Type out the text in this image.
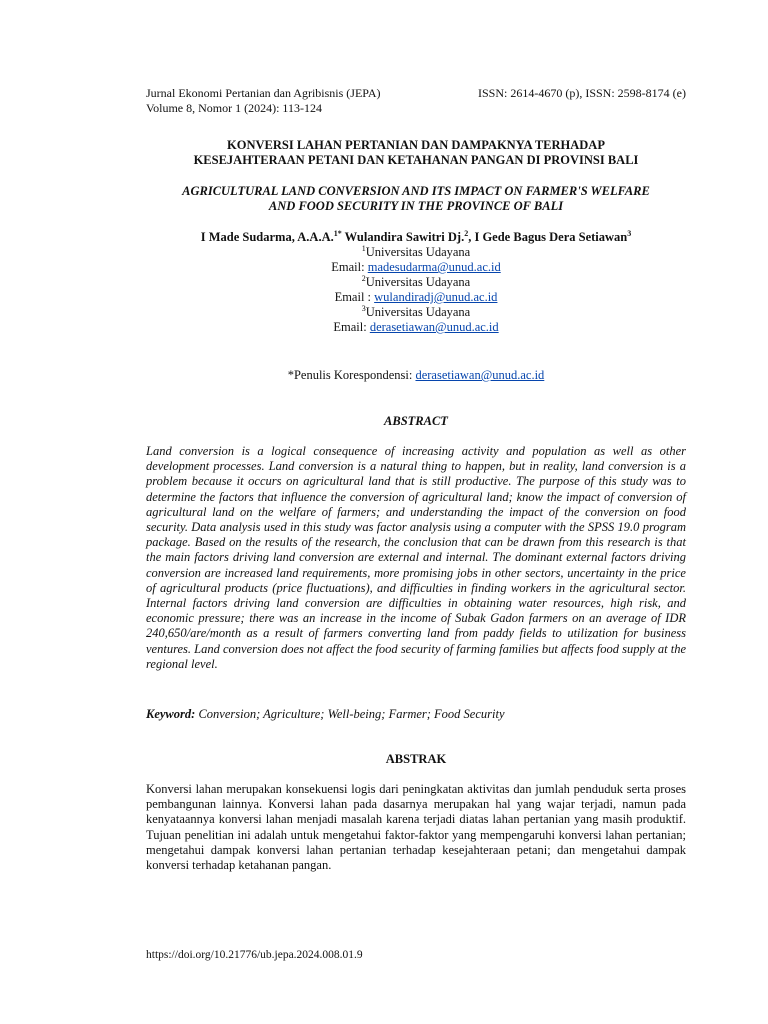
Jurnal Ekonomi Pertanian dan Agribisnis (JEPA)	ISSN: 2614-4670 (p), ISSN: 2598-8174 (e)
Volume 8, Nomor 1 (2024): 113-124
KONVERSI LAHAN PERTANIAN DAN DAMPAKNYA TERHADAP
KESEJAHTERAAN PETANI DAN KETAHANAN PANGAN DI PROVINSI BALI
AGRICULTURAL LAND CONVERSION AND ITS IMPACT ON FARMER'S WELFARE
AND FOOD SECURITY IN THE PROVINCE OF BALI
I Made Sudarma, A.A.A.$^{1*}$ Wulandira Sawitri Dj.$^2$, I Gede Bagus Dera Setiawan$^3$
$^1$Universitas Udayana
Email: madesudarma@unud.ac.id
$^2$Universitas Udayana
Email : wulandiradj@unud.ac.id
$^3$Universitas Udayana
Email: derasetiawan@unud.ac.id
*Penulis Korespondensi: derasetiawan@unud.ac.id
ABSTRACT
Land conversion is a logical consequence of increasing activity and population as well as other development processes. Land conversion is a natural thing to happen, but in reality, land conversion is a problem because it occurs on agricultural land that is still productive. The purpose of this study was to determine the factors that influence the conversion of agricultural land; know the impact of conversion of agricultural land on the welfare of farmers; and understanding the impact of the conversion on food security. Data analysis used in this study was factor analysis using a computer with the SPSS 19.0 program package. Based on the results of the research, the conclusion that can be drawn from this research is that the main factors driving land conversion are external and internal. The dominant external factors driving conversion are increased land requirements, more promising jobs in other sectors, uncertainty in the price of agricultural products (price fluctuations), and difficulties in finding workers in the agricultural sector. Internal factors driving land conversion are difficulties in obtaining water resources, high risk, and economic pressure; there was an increase in the income of Subak Gadon farmers on an average of IDR 240,650/are/month as a result of farmers converting land from paddy fields to utilization for business ventures. Land conversion does not affect the food security of farming families but affects food supply at the regional level.
Keyword: Conversion; Agriculture; Well-being; Farmer; Food Security
ABSTRAK
Konversi lahan merupakan konsekuensi logis dari peningkatan aktivitas dan jumlah penduduk serta proses pembangunan lainnya. Konversi lahan pada dasarnya merupakan hal yang wajar terjadi, namun pada kenyataannya konversi lahan menjadi masalah karena terjadi diatas lahan pertanian yang masih produktif. Tujuan penelitian ini adalah untuk mengetahui faktor-faktor yang mempengaruhi konversi lahan pertanian; mengetahui dampak konversi lahan pertanian terhadap kesejahteraan petani; dan mengetahui dampak konversi terhadap ketahanan pangan.
https://doi.org/10.21776/ub.jepa.2024.008.01.9
